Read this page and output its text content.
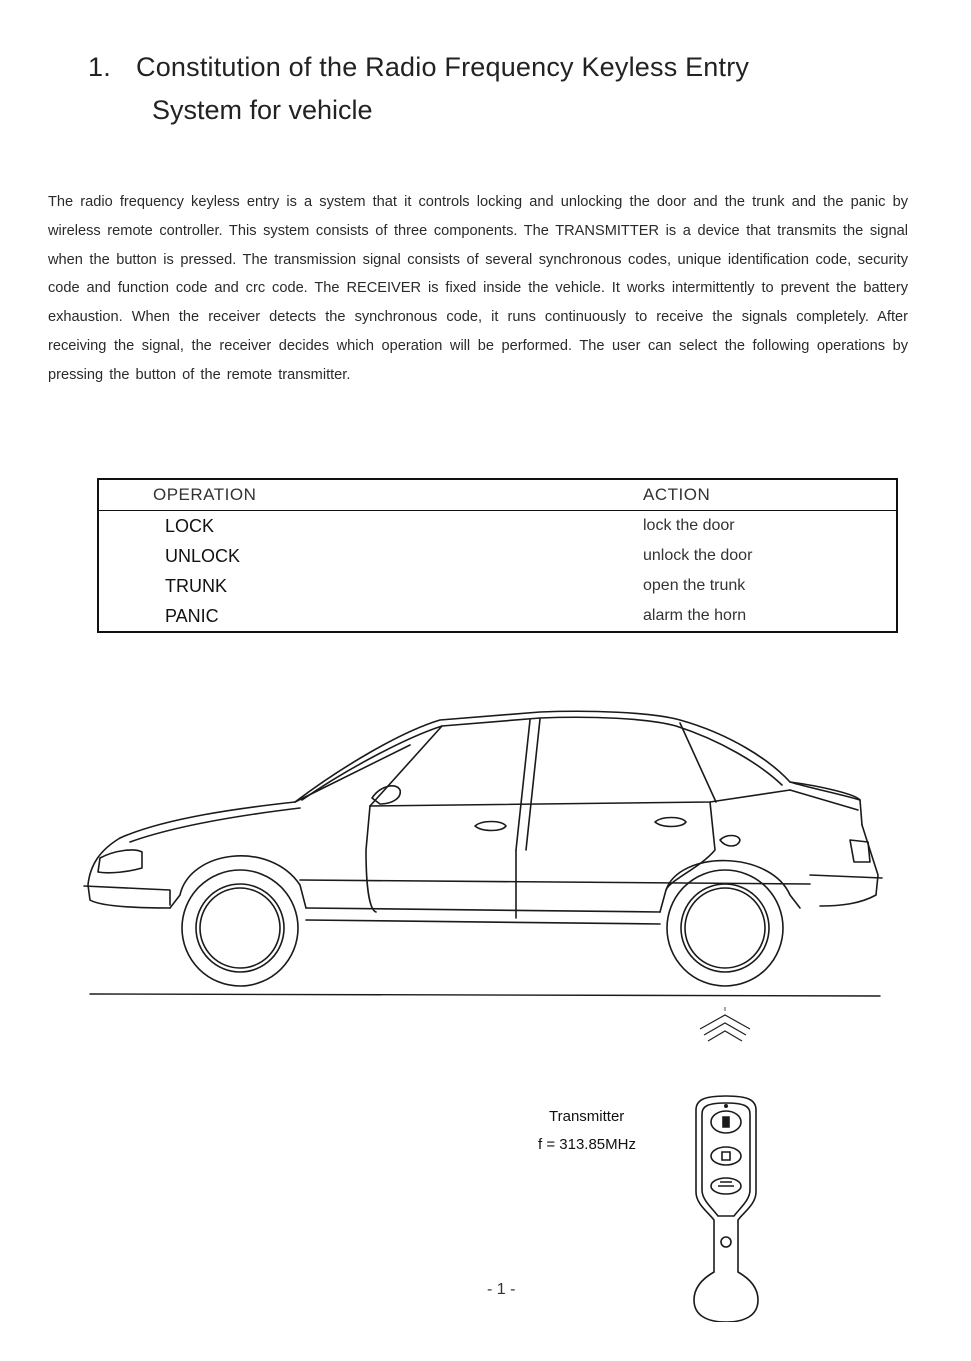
1. Constitution of the Radio Frequency Keyless Entry
System for vehicle

The radio frequency keyless entry is a system that it controls locking and unlocking the door and the trunk and the panic by wireless remote controller. This system consists of three components. The TRANSMITTER is a device that transmits the signal when the button is pressed. The transmission signal consists of several synchronous codes, unique identification code, security code and function code and crc code. The RECEIVER is fixed inside the vehicle. It works intermittently to prevent the battery exhaustion. When the receiver detects the synchronous code, it runs continuously to receive the signals completely. After receiving the signal, the receiver decides which operation will be performed. The user can select the following operations by pressing the button of the remote transmitter.

OPERATION	ACTION
LOCK	lock the door
UNLOCK	unlock the door
TRUNK	open the trunk
PANIC	alarm the horn
Transmitter
f = 313.85MHz
- 1 -
